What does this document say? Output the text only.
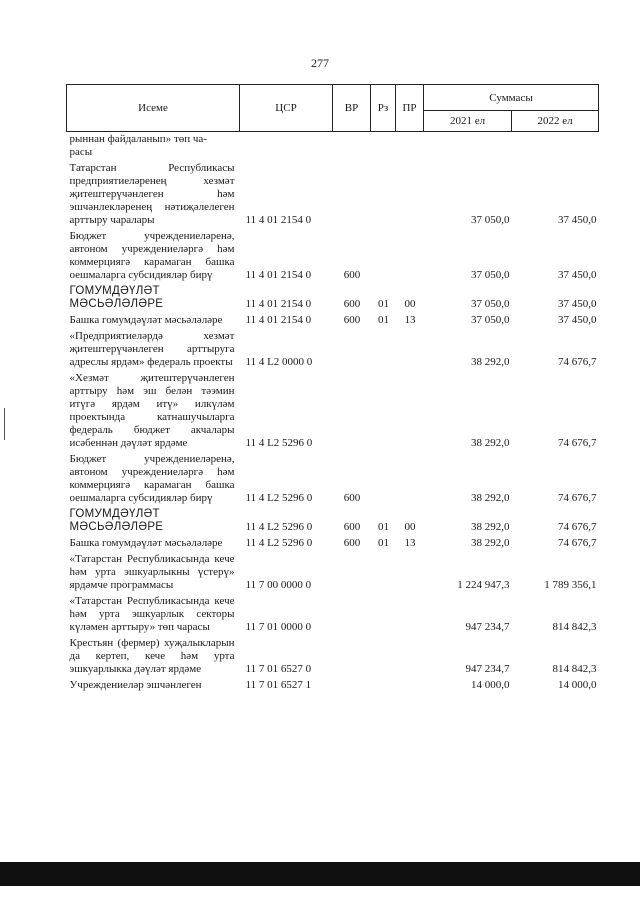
277
Исеме	ЦСР	ВР	Рз	ПР	Суммасы	
					2021 ел	2022 ел
рыннан файдаланып» төп ча-
расы						
Татарстан Республикасы предприятиеләренең хезмәт җитештерүчәнлеген һәм эшчәнлекләренең нәтиҗәлелеген арттыру чаралары	11 4 01 2154 0				37 050,0	37 450,0
Бюджет учреждениеләренә, автоном учреждениеләргә һәм коммерциягә карамаган башка оешмаларга субсидияләр бирү	11 4 01 2154 0	600			37 050,0	37 450,0
ГОМУМДӘҮЛӘТ МӘСЬӘЛӘЛӘРЕ	11 4 01 2154 0	600	01	00	37 050,0	37 450,0
Башка гомумдәүләт мәсьәләләре	11 4 01 2154 0	600	01	13	37 050,0	37 450,0
«Предприятиеләрдә хезмәт җитештерүчәнлеген арттыруга адреслы ярдәм» федераль проекты	11 4 L2 0000 0				38 292,0	74 676,7
«Хезмәт җитештерүчәнлеген арттыру һәм эш белән тәэмин итүгә ярдәм итү» илкүләм проектында катнашучыларга федераль бюджет акчалары исәбеннән дәүләт ярдәме	11 4 L2 5296 0				38 292,0	74 676,7
Бюджет учреждениеләренә, автоном учреждениеләргә һәм коммерциягә карамаган башка оешмаларга субсидияләр бирү	11 4 L2 5296 0	600			38 292,0	74 676,7
ГОМУМДӘҮЛӘТ МӘСЬӘЛӘЛӘРЕ	11 4 L2 5296 0	600	01	00	38 292,0	74 676,7
Башка гомумдәүләт мәсьәләләре	11 4 L2 5296 0	600	01	13	38 292,0	74 676,7
«Татарстан Республикасында кече һәм урта эшкуарлыкны үстерү» ярдәмче программасы	11 7 00 0000 0				1 224 947,3	1 789 356,1
«Татарстан Республикасында кече һәм урта эшкуарлык секторы күләмен арттыру» төп чарасы	11 7 01 0000 0				947 234,7	814 842,3
Крестьян (фермер) хуҗалыкларын да кертеп, кече һәм урта эшкуарлыкка дәүләт ярдәме	11 7 01 6527 0				947 234,7	814 842,3
Учреждениеләр эшчәнлеген	11 7 01 6527 1				14 000,0	14 000,0
